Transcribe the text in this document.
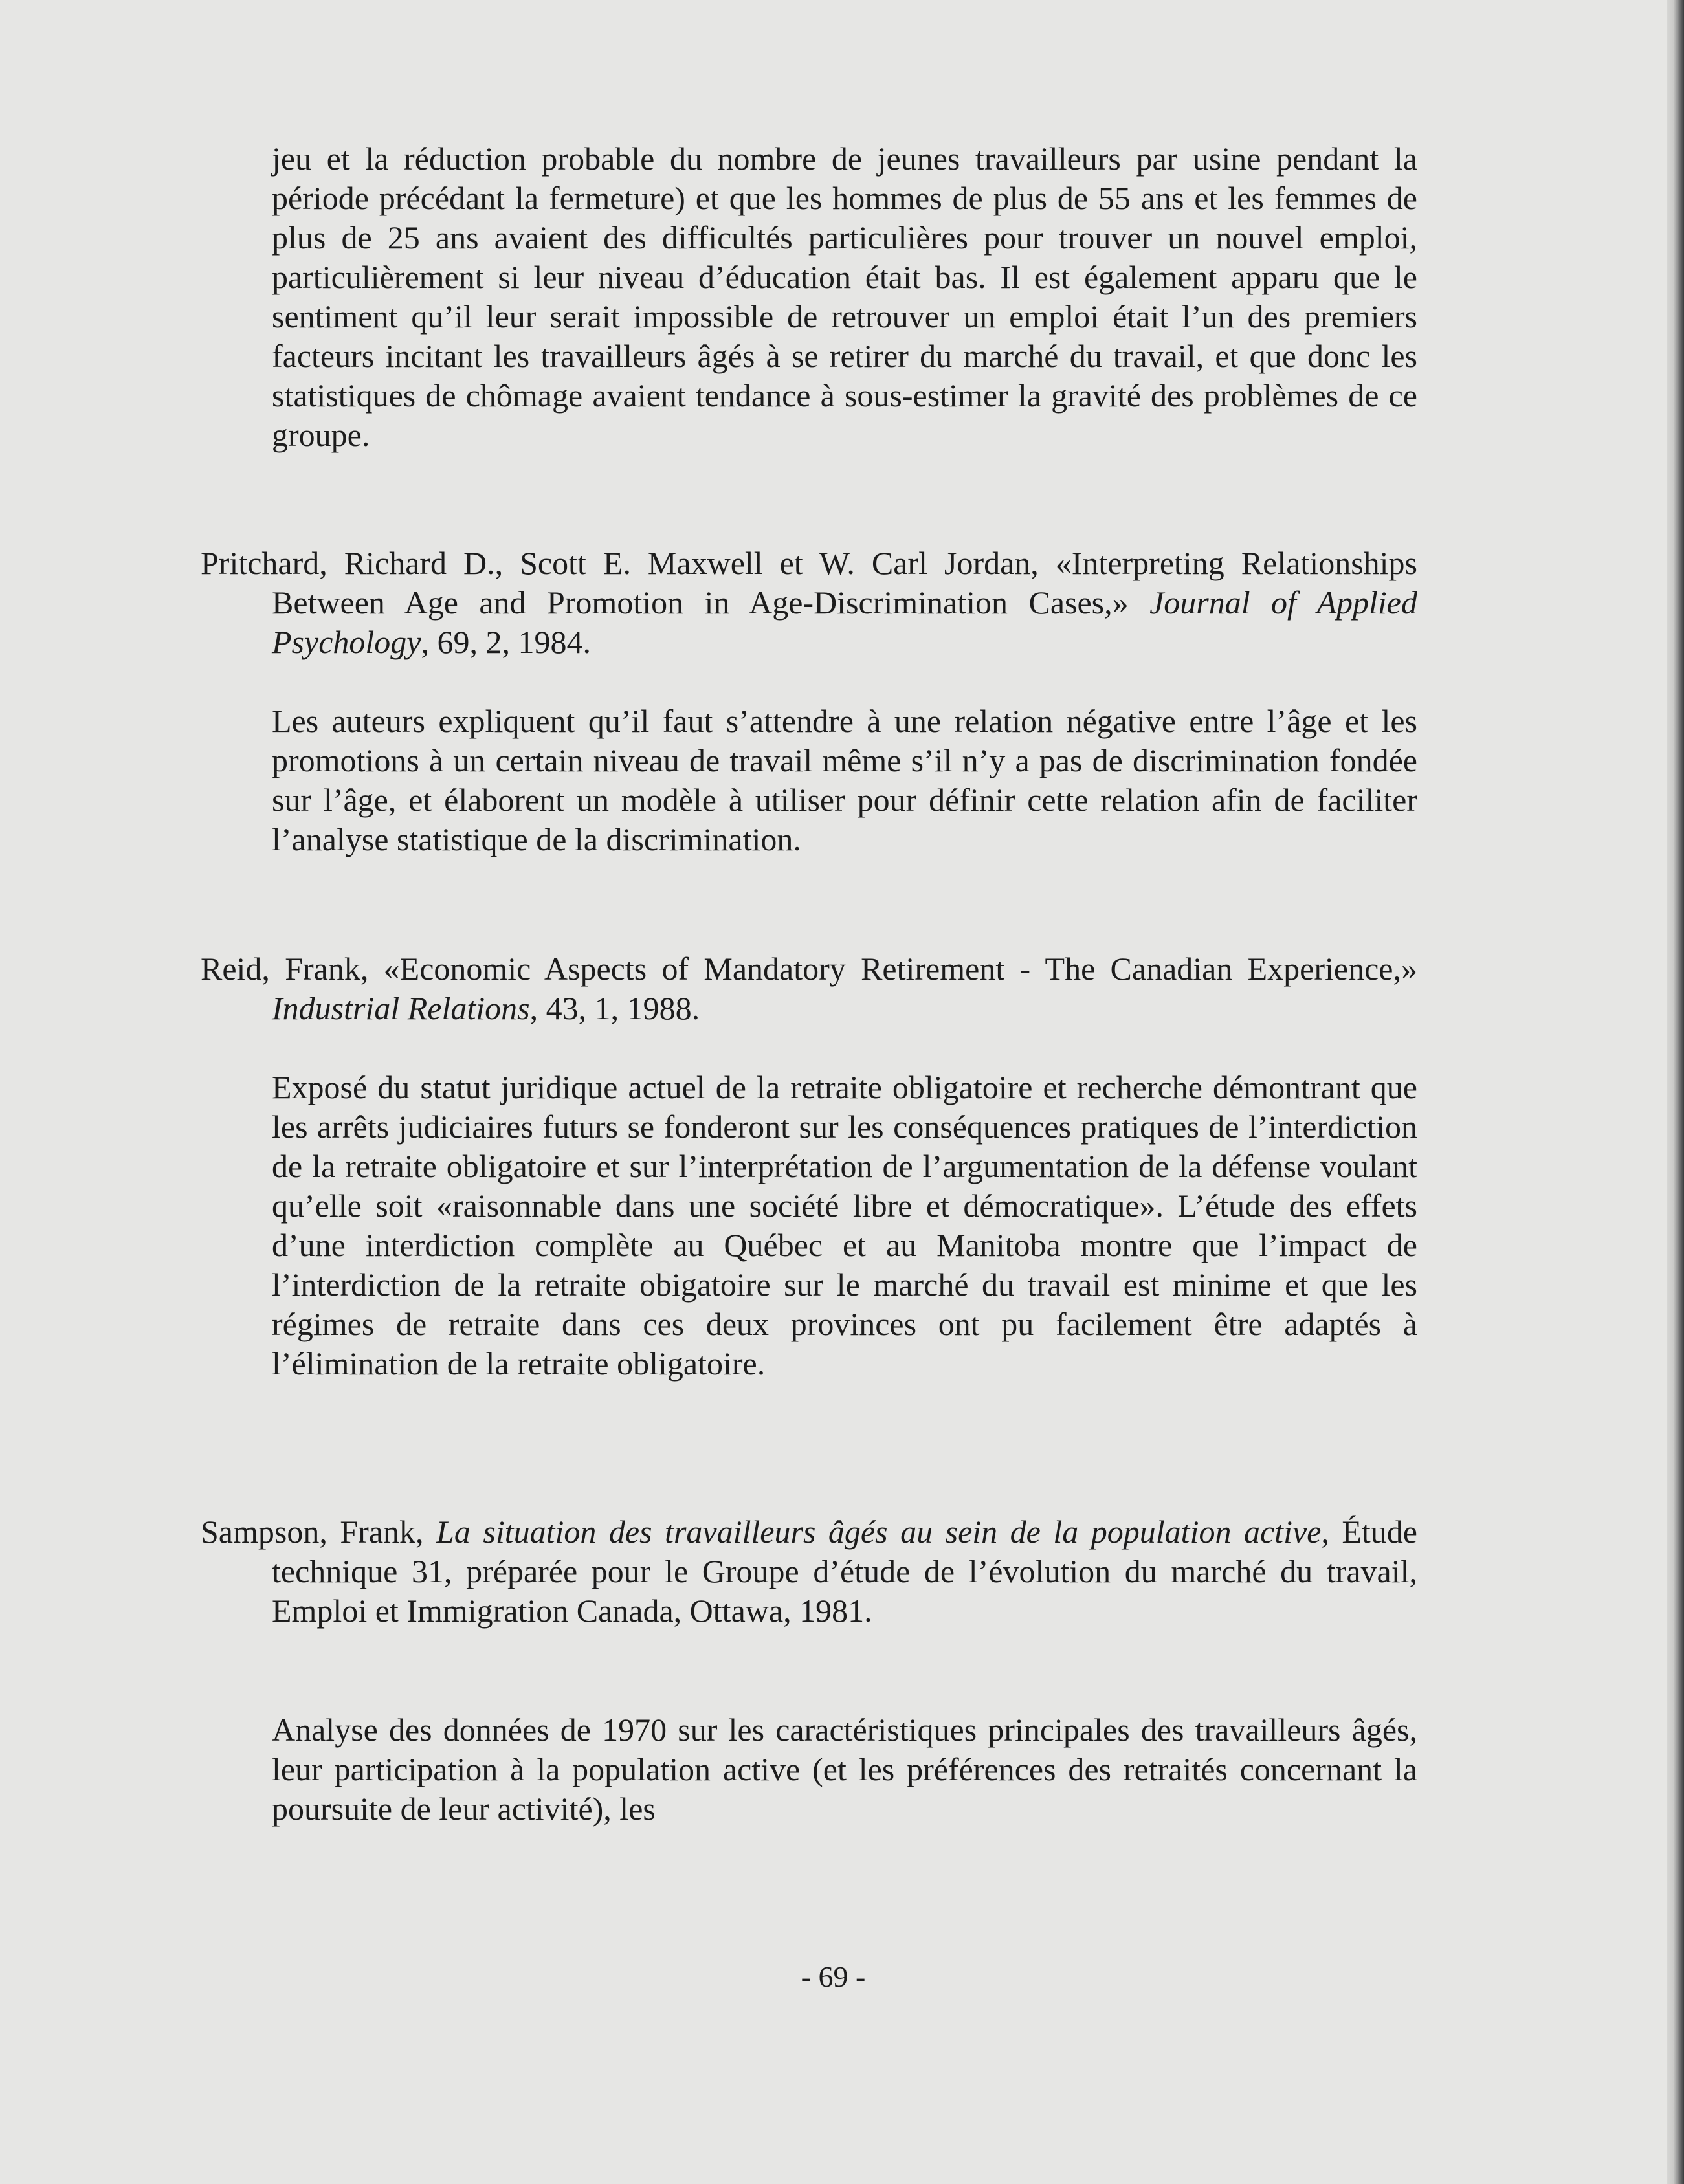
jeu et la réduction probable du nombre de jeunes travailleurs par usine pendant la période précédant la fermeture) et que les hommes de plus de 55 ans et les femmes de plus de 25 ans avaient des difficultés particulières pour trouver un nouvel emploi, particulièrement si leur niveau d’éducation était bas. Il est également apparu que le sentiment qu’il leur serait impossible de retrouver un emploi était l’un des premiers facteurs incitant les travailleurs âgés à se retirer du marché du travail, et que donc les statistiques de chômage avaient tendance à sous-estimer la gravité des problèmes de ce groupe.

Pritchard, Richard D., Scott E. Maxwell et W. Carl Jordan, «Interpreting Relationships Between Age and Promotion in Age-Discrimination Cases,» Journal of Applied Psychology, 69, 2, 1984.

Les auteurs expliquent qu’il faut s’attendre à une relation négative entre l’âge et les promotions à un certain niveau de travail même s’il n’y a pas de discrimination fondée sur l’âge, et élaborent un modèle à utiliser pour définir cette relation afin de faciliter l’analyse statistique de la discrimination.

Reid, Frank, «Economic Aspects of Mandatory Retirement - The Canadian Experience,» Industrial Relations, 43, 1, 1988.

Exposé du statut juridique actuel de la retraite obligatoire et recherche démontrant que les arrêts judiciaires futurs se fonderont sur les conséquences pratiques de l’interdiction de la retraite obligatoire et sur l’interprétation de l’argumentation de la défense voulant qu’elle soit «raisonnable dans une société libre et démocratique». L’étude des effets d’une interdiction complète au Québec et au Manitoba montre que l’impact de l’interdiction de la retraite obigatoire sur le marché du travail est minime et que les régimes de retraite dans ces deux provinces ont pu facilement être adaptés à l’élimination de la retraite obligatoire.

Sampson, Frank, La situation des travailleurs âgés au sein de la population active, Étude technique 31, préparée pour le Groupe d’étude de l’évolution du marché du travail, Emploi et Immigration Canada, Ottawa, 1981.

Analyse des données de 1970 sur les caractéristiques principales des travailleurs âgés, leur participation à la population active (et les préférences des retraités concernant la poursuite de leur activité), les

- 69 -
